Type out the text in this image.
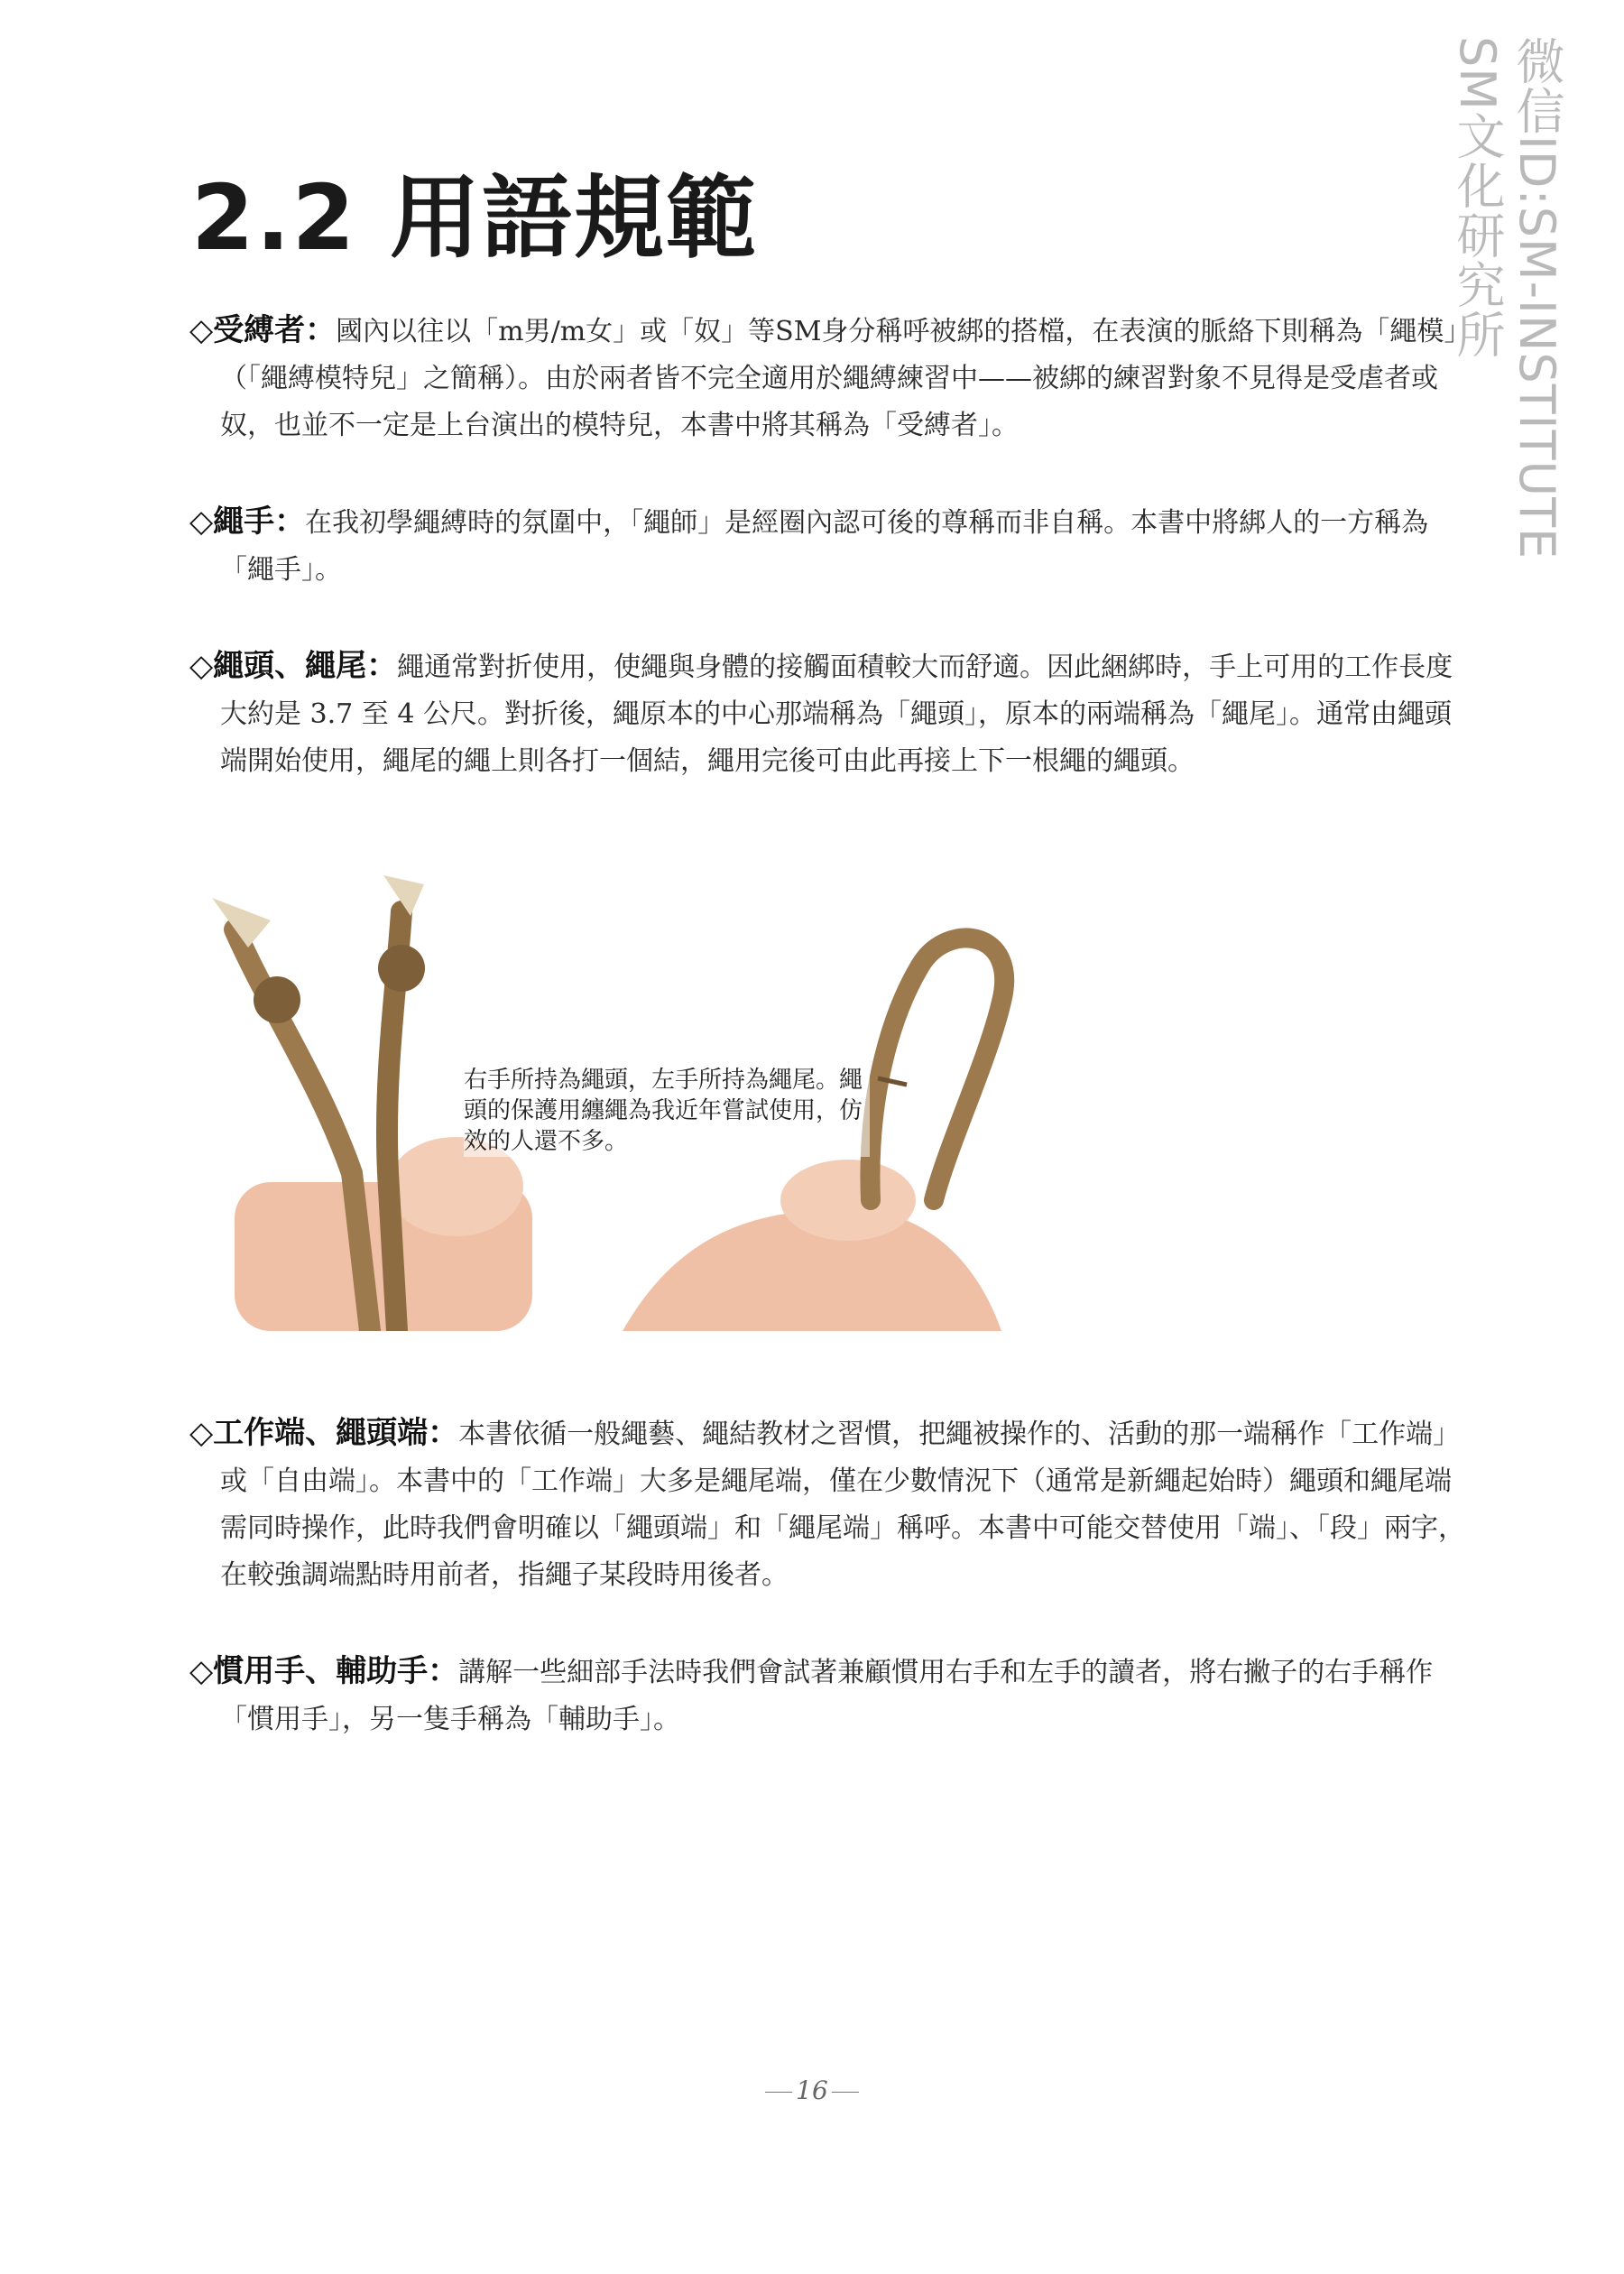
微信ID:SM-INSTITUTE
SM文化研究所
2.2 用語規範
◇受縛者：國內以往以「m男/m女」或「奴」等SM身分稱呼被綁的搭檔，在表演的脈絡下則稱為「繩模」（「繩縛模特兒」之簡稱）。由於兩者皆不完全適用於繩縛練習中——被綁的練習對象不見得是受虐者或奴，也並不一定是上台演出的模特兒，本書中將其稱為「受縛者」。
◇繩手：在我初學繩縛時的氛圍中，「繩師」是經圈內認可後的尊稱而非自稱。本書中將綁人的一方稱為「繩手」。
◇繩頭、繩尾：繩通常對折使用，使繩與身體的接觸面積較大而舒適。因此綑綁時，手上可用的工作長度大約是 3.7 至 4 公尺。對折後，繩原本的中心那端稱為「繩頭」，原本的兩端稱為「繩尾」。通常由繩頭端開始使用，繩尾的繩上則各打一個結，繩用完後可由此再接上下一根繩的繩頭。
右手所持為繩頭，左手所持為繩尾。繩頭的保護用纏繩為我近年嘗試使用，仿效的人還不多。
◇工作端、繩頭端：本書依循一般繩藝、繩結教材之習慣，把繩被操作的、活動的那一端稱作「工作端」或「自由端」。本書中的「工作端」大多是繩尾端，僅在少數情況下（通常是新繩起始時）繩頭和繩尾端需同時操作，此時我們會明確以「繩頭端」和「繩尾端」稱呼。本書中可能交替使用「端」、「段」兩字，在較強調端點時用前者，指繩子某段時用後者。
◇慣用手、輔助手：講解一些細部手法時我們會試著兼顧慣用右手和左手的讀者，將右撇子的右手稱作「慣用手」，另一隻手稱為「輔助手」。
16
